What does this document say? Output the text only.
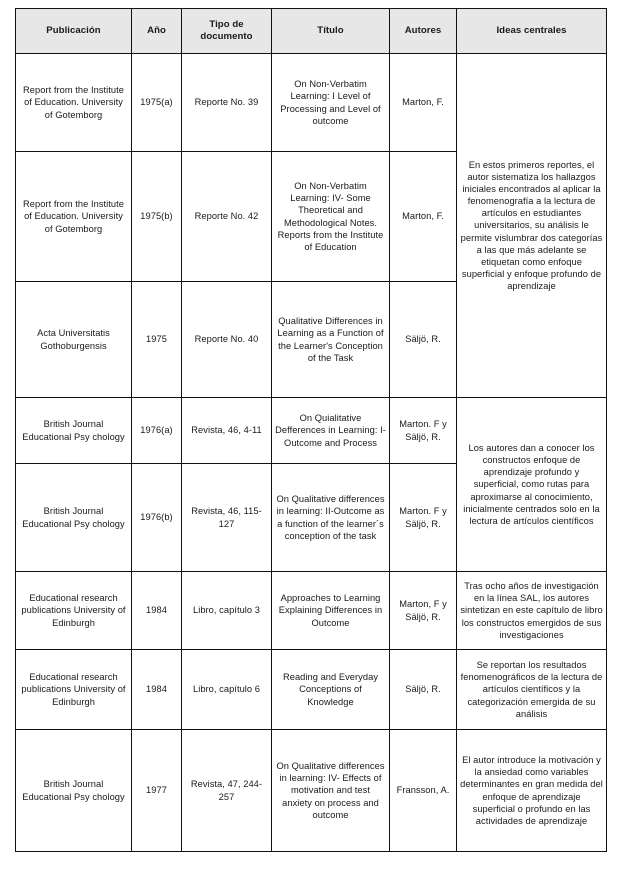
Publicación	Año	Tipo de documento	Título	Autores	Ideas centrales
Report from the Institute of Education. University of Gotemborg	1975(a)	Reporte No. 39	On Non-Verbatim Learning: I Level of Processing and Level of outcome	Marton, F.	En estos primeros reportes, el autor sistematiza los hallazgos iniciales encontrados al aplicar la fenomenografía a la lectura de artículos en estudiantes universitarios, su análisis le permite vislumbrar dos categorías a las que más adelante se etiquetan como enfoque superficial y enfoque profundo de aprendizaje
Report from the Institute of Education. University of Gotemborg	1975(b)	Reporte No. 42	On Non-Verbatim Learning: IV- Some Theoretical and Methodological Notes. Reports from the Institute of Education	Marton, F.	
Acta Universitatis Gothoburgensis	1975	Reporte No. 40	Qualitative Differences in Learning as a Function of the Learner's Conception of the Task	Säljö, R.	
British Journal Educational Psy chology	1976(a)	Revista, 46, 4-11	On Quialitative Defferences in Learning: I-Outcome and Process	Marton. F y Säljö, R.	Los autores dan a conocer los constructos enfoque de aprendizaje profundo y superficial, como rutas para aproximarse al conocimiento, inicialmente centrados solo en la lectura de artículos científicos
British Journal Educational Psy chology	1976(b)	Revista, 46, 115-127	On Qualitative differences in learning: II-Outcome as a function of the learner´s conception of the task	Marton. F y Säljö, R.	
Educational research publications University of Edinburgh	1984	Libro, capítulo 3	Approaches to Learning Explaining Differences in Outcome	Marton, F y Säljö, R.	Tras ocho años de investigación en la línea SAL, los autores sintetizan en este capítulo de libro los constructos emergidos de sus investigaciones
Educational research publications University of Edinburgh	1984	Libro, capítulo 6	Reading and Everyday Conceptions of Knowledge	Säljö, R.	Se reportan los resultados fenomenográficos de la lectura de artículos científicos y la categorización emergida de su análisis
British Journal Educational Psy chology	1977	Revista, 47, 244-257	On Qualitative differences in learning: IV- Effects of motivation and test anxiety on process and outcome	Fransson, A.	El autor introduce la motivación y la ansiedad como variables determinantes en gran medida del enfoque de aprendizaje superficial o profundo en las actividades de aprendizaje
